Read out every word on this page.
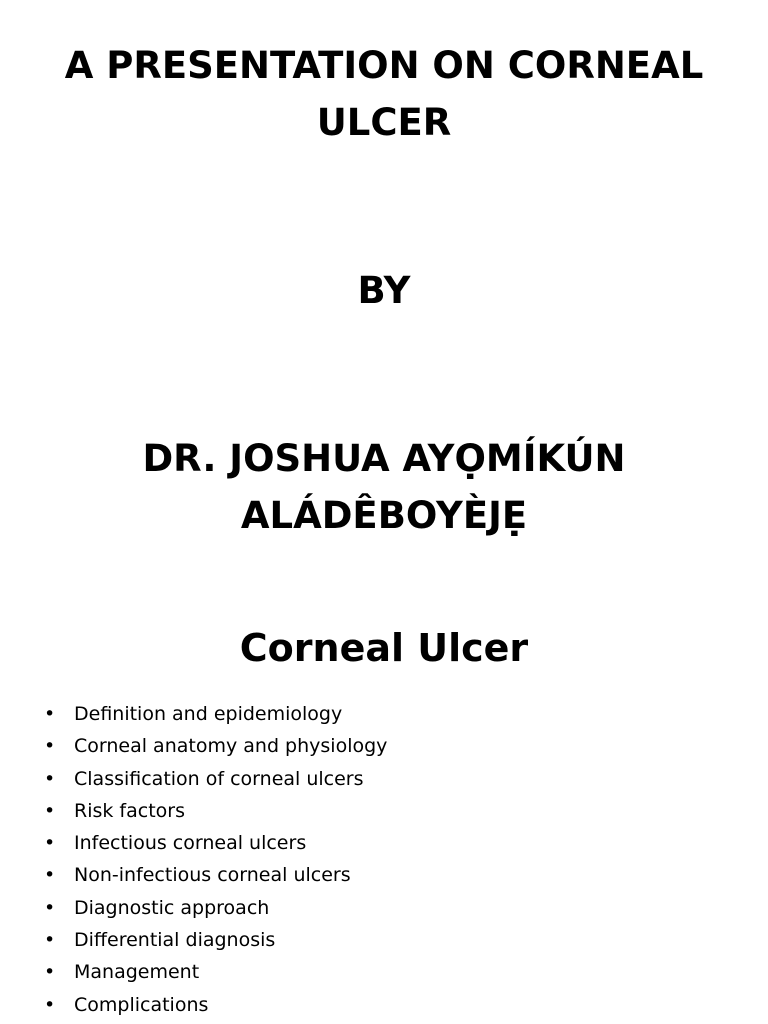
A PRESENTATION ON CORNEAL
ULCER
BY
DR. JOSHUA AYỌMÍKÚN
ALÁDÊBOYÈJẸ
Corneal Ulcer
• Definition and epidemiology
• Corneal anatomy and physiology
• Classification of corneal ulcers
• Risk factors
• Infectious corneal ulcers
• Non-infectious corneal ulcers
• Diagnostic approach
• Differential diagnosis
• Management
• Complications
